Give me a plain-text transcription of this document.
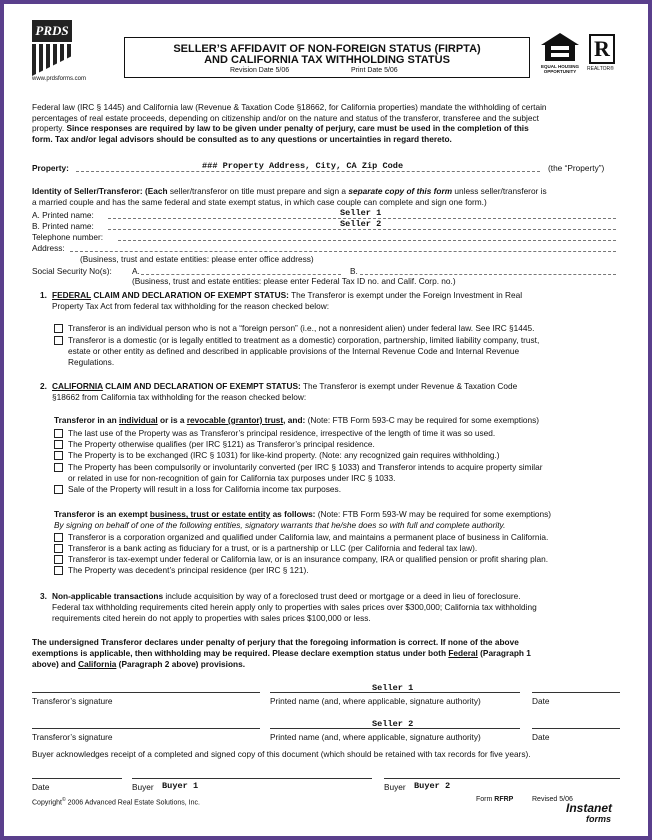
PRDS
www.prdsforms.com
SELLER’S AFFIDAVIT OF NON-FOREIGN STATUS (FIRPTA)
AND CALIFORNIA TAX WITHHOLDING STATUS
Revision Date 5/06	Print Date 5/06
EQUAL HOUSING
OPPORTUNITY
R
REALTOR®
Federal law (IRC § 1445) and California law (Revenue & Taxation Code §18662, for California properties) mandate the withholding of certain
percentages of real estate proceeds, depending on citizenship and/or on the nature and status of the transferor, transferee and the subject
property. Since responses are required by law to be given under penalty of perjury, care must be used in the completion of this
form. Tax and/or legal advisors should be consulted as to any questions or uncertainties in regard thereto.
Property:	### Property Address, City, CA Zip Code	(the “Property”)
Identity of Seller/Transferor: (Each seller/transferor on title must prepare and sign a separate copy of this form unless seller/transferor is
a married couple and has the same federal and state exempt status, in which case couple can complete and sign one form.)
A. Printed name:	Seller 1
B. Printed name:	Seller 2
Telephone number:
Address:
(Business, trust and estate entities: please enter office address)
Social Security No(s): A.	B.
(Business, trust and estate entities: please enter Federal Tax ID no. and Calif. Corp. no.)
1. FEDERAL CLAIM AND DECLARATION OF EXEMPT STATUS: The Transferor is exempt under the Foreign Investment in Real
Property Tax Act from federal tax withholding for the reason checked below:
Transferor is an individual person who is not a “foreign person” (i.e., not a nonresident alien) under federal law. See IRC §1445.
Transferor is a domestic (or is legally entitled to treatment as a domestic) corporation, partnership, limited liability company, trust,
estate or other entity as defined and described in applicable provisions of the Internal Revenue Code and Internal Revenue
Regulations.
2. CALIFORNIA CLAIM AND DECLARATION OF EXEMPT STATUS: The Transferor is exempt under Revenue & Taxation Code
§18662 from California tax withholding for the reason checked below:
Transferor in an individual or is a revocable (grantor) trust, and: (Note: FTB Form 593-C may be required for some exemptions)
The last use of the Property was as Transferor’s principal residence, irrespective of the length of time it was so used.
The Property otherwise qualifies (per IRC §121) as Transferor’s principal residence.
The Property is to be exchanged (IRC § 1031) for like-kind property. (Note: any recognized gain requires withholding.)
The Property has been compulsorily or involuntarily converted (per IRC § 1033) and Transferor intends to acquire property similar
or related in use for non-recognition of gain for California tax purposes under IRC § 1033.
Sale of the Property will result in a loss for California income tax purposes.
Transferor is an exempt business, trust or estate entity as follows: (Note: FTB Form 593-W may be required for some exemptions)
By signing on behalf of one of the following entities, signatory warrants that he/she does so with full and complete authority.
Transferor is a corporation organized and qualified under California law, and maintains a permanent place of business in California.
Transferor is a bank acting as fiduciary for a trust, or is a partnership or LLC (per California and federal tax law).
Transferor is tax-exempt under federal or California law, or is an insurance company, IRA or qualified pension or profit sharing plan.
The Property was decedent’s principal residence (per IRC § 121).
3. Non-applicable transactions include acquisition by way of a foreclosed trust deed or mortgage or a deed in lieu of foreclosure.
Federal tax withholding requirements cited herein apply only to properties with sales prices over $300,000; California tax withholding
requirements cited herein do not apply to properties with sales prices $100,000 or less.
The undersigned Transferor declares under penalty of perjury that the foregoing information is correct. If none of the above
exemptions is applicable, then withholding may be required. Please declare exemption status under both Federal (Paragraph 1
above) and California (Paragraph 2 above) provisions.
Seller 1
Transferor’s signature	Printed name (and, where applicable, signature authority)	Date
Seller 2
Transferor’s signature	Printed name (and, where applicable, signature authority)	Date
Buyer acknowledges receipt of a completed and signed copy of this document (which should be retained with tax records for five years).
Date	Buyer Buyer 1	Buyer Buyer 2
Copyright© 2006 Advanced Real Estate Solutions, Inc.	Form RFRP	Revised 5/06
Instanet
forms
